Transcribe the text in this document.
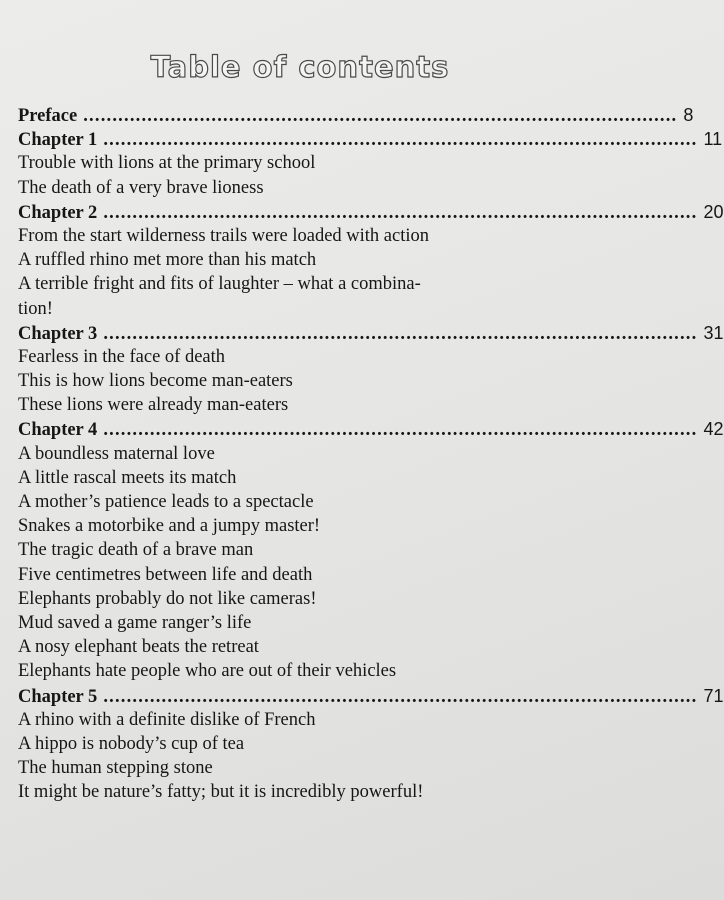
Table of contents
Preface ...................................................................................................... 8
Chapter 1 ...................................................................................................... 11
Trouble with lions at the primary school
The death of a very brave lioness
Chapter 2 ...................................................................................................... 20
From the start wilderness trails were loaded with action
A ruffled rhino met more than his match
A terrible fright and fits of laughter – what a combina-
tion!
Chapter 3 ...................................................................................................... 31
Fearless in the face of death
This is how lions become man-eaters
These lions were already man-eaters
Chapter 4 ...................................................................................................... 42
A boundless maternal love
A little rascal meets its match
A mother’s patience leads to a spectacle
Snakes a motorbike and a jumpy master!
The tragic death of a brave man
Five centimetres between life and death
Elephants probably do not like cameras!
Mud saved a game ranger’s life
A nosy elephant beats the retreat
Elephants hate people who are out of their vehicles
Chapter 5 ...................................................................................................... 71
A rhino with a definite dislike of French
A hippo is nobody’s cup of tea
The human stepping stone
It might be nature’s fatty; but it is incredibly powerful!
